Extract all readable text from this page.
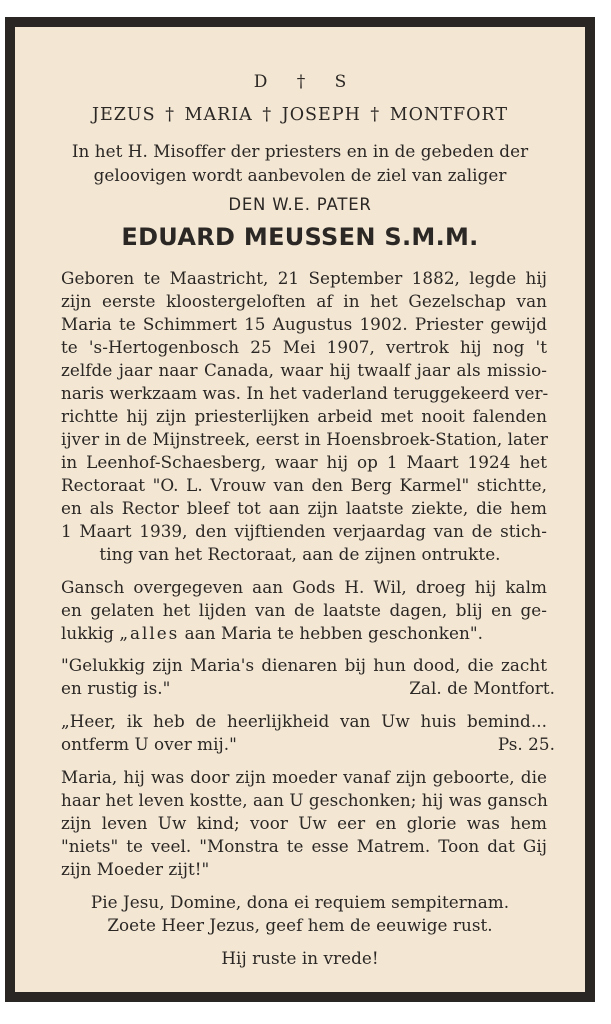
D † S
JEZUS † MARIA † JOSEPH † MONTFORT
In het H. Misoffer der priesters en in de gebeden der
geloovigen wordt aanbevolen de ziel van zaliger
DEN W.E. PATER
EDUARD MEUSSEN S.M.M.
Geboren te Maastricht, 21 September 1882, legde hij
zijn eerste kloostergeloften af in het Gezelschap van
Maria te Schimmert 15 Augustus 1902. Priester gewijd
te 's-Hertogenbosch 25 Mei 1907, vertrok hij nog 't
zelfde jaar naar Canada, waar hij twaalf jaar als missio-
naris werkzaam was. In het vaderland teruggekeerd ver-
richtte hij zijn priesterlijken arbeid met nooit falenden
ijver in de Mijnstreek, eerst in Hoensbroek-Station, later
in Leenhof-Schaesberg, waar hij op 1 Maart 1924 het
Rectoraat "O. L. Vrouw van den Berg Karmel" stichtte,
en als Rector bleef tot aan zijn laatste ziekte, die hem
1 Maart 1939, den vijftienden verjaardag van de stich-
ting van het Rectoraat, aan de zijnen ontrukte.
Gansch overgegeven aan Gods H. Wil, droeg hij kalm
en gelaten het lijden van de laatste dagen, blij en ge-
lukkig „alles aan Maria te hebben geschonken".
"Gelukkig zijn Maria's dienaren bij hun dood, die zacht
en rustig is."	Zal. de Montfort.
„Heer, ik heb de heerlijkheid van Uw huis bemind...
ontferm U over mij."	Ps. 25.
Maria, hij was door zijn moeder vanaf zijn geboorte, die
haar het leven kostte, aan U geschonken; hij was gansch
zijn leven Uw kind; voor Uw eer en glorie was hem
"niets" te veel. "Monstra te esse Matrem. Toon dat Gij
zijn Moeder zijt!"
Pie Jesu, Domine, dona ei requiem sempiternam.
Zoete Heer Jezus, geef hem de eeuwige rust.
Hij ruste in vrede!
